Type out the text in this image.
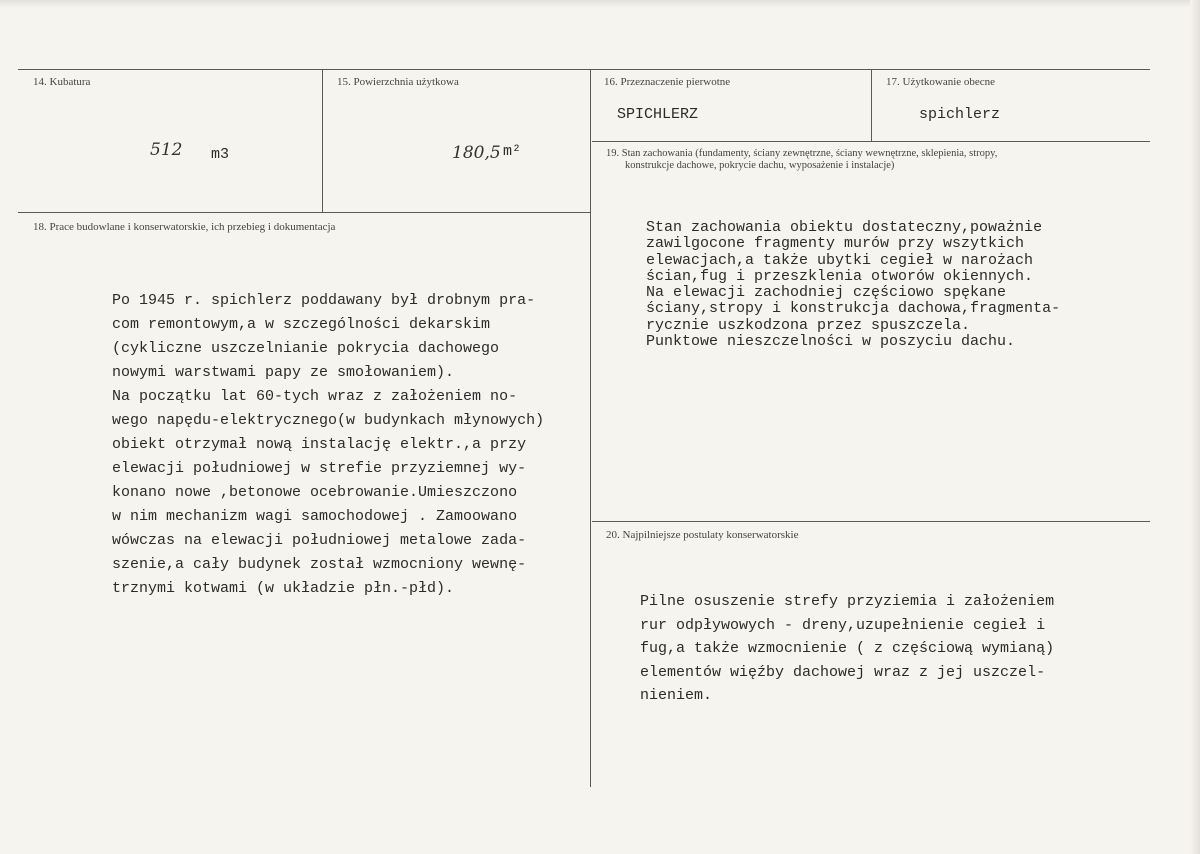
14. Kubatura
512 m3
15. Powierzchnia użytkowa
180,5 m²
16. Przeznaczenie pierwotne
SPICHLERZ
17. Użytkowanie obecne
spichlerz
19. Stan zachowania (fundamenty, ściany zewnętrzne, ściany wewnętrzne, sklepienia, stropy,
konstrukcje dachowe, pokrycie dachu, wyposażenie i instalacje)
Stan zachowania obiektu dostateczny,poważnie
zawilgocone fragmenty murów przy wszytkich
elewacjach,a także ubytki cegieł w narożach
ścian,fug i przeszklenia otworów okiennych.
Na elewacji zachodniej częściowo spękane
ściany,stropy i konstrukcja dachowa,fragmenta-
rycznie uszkodzona przez spuszczela.
Punktowe nieszczelności w poszyciu dachu.
18. Prace budowlane i konserwatorskie, ich przebieg i dokumentacja
Po 1945 r. spichlerz poddawany był drobnym pra-
com remontowym,a w szczególności dekarskim
(cykliczne uszczelnianie pokrycia dachowego
nowymi warstwami papy ze smołowaniem).
Na początku lat 60-tych wraz z założeniem no-
wego napędu-elektrycznego(w budynkach młynowych)
obiekt otrzymał nową instalację elektr.,a przy
elewacji południowej w strefie przyziemnej wy-
konano nowe ,betonowe ocebrowanie.Umieszczono
w nim mechanizm wagi samochodowej . Zamoowano
wówczas na elewacji południowej metalowe zada-
szenie,a cały budynek został wzmocniony wewnę-
trznymi kotwami (w układzie płn.-płd).
20. Najpilniejsze postulaty konserwatorskie
Pilne osuszenie strefy przyziemia i założeniem
rur odpływowych - dreny,uzupełnienie cegieł i
fug,a także wzmocnienie ( z częściową wymianą)
elementów więźby dachowej wraz z jej uszczel-
nieniem.
